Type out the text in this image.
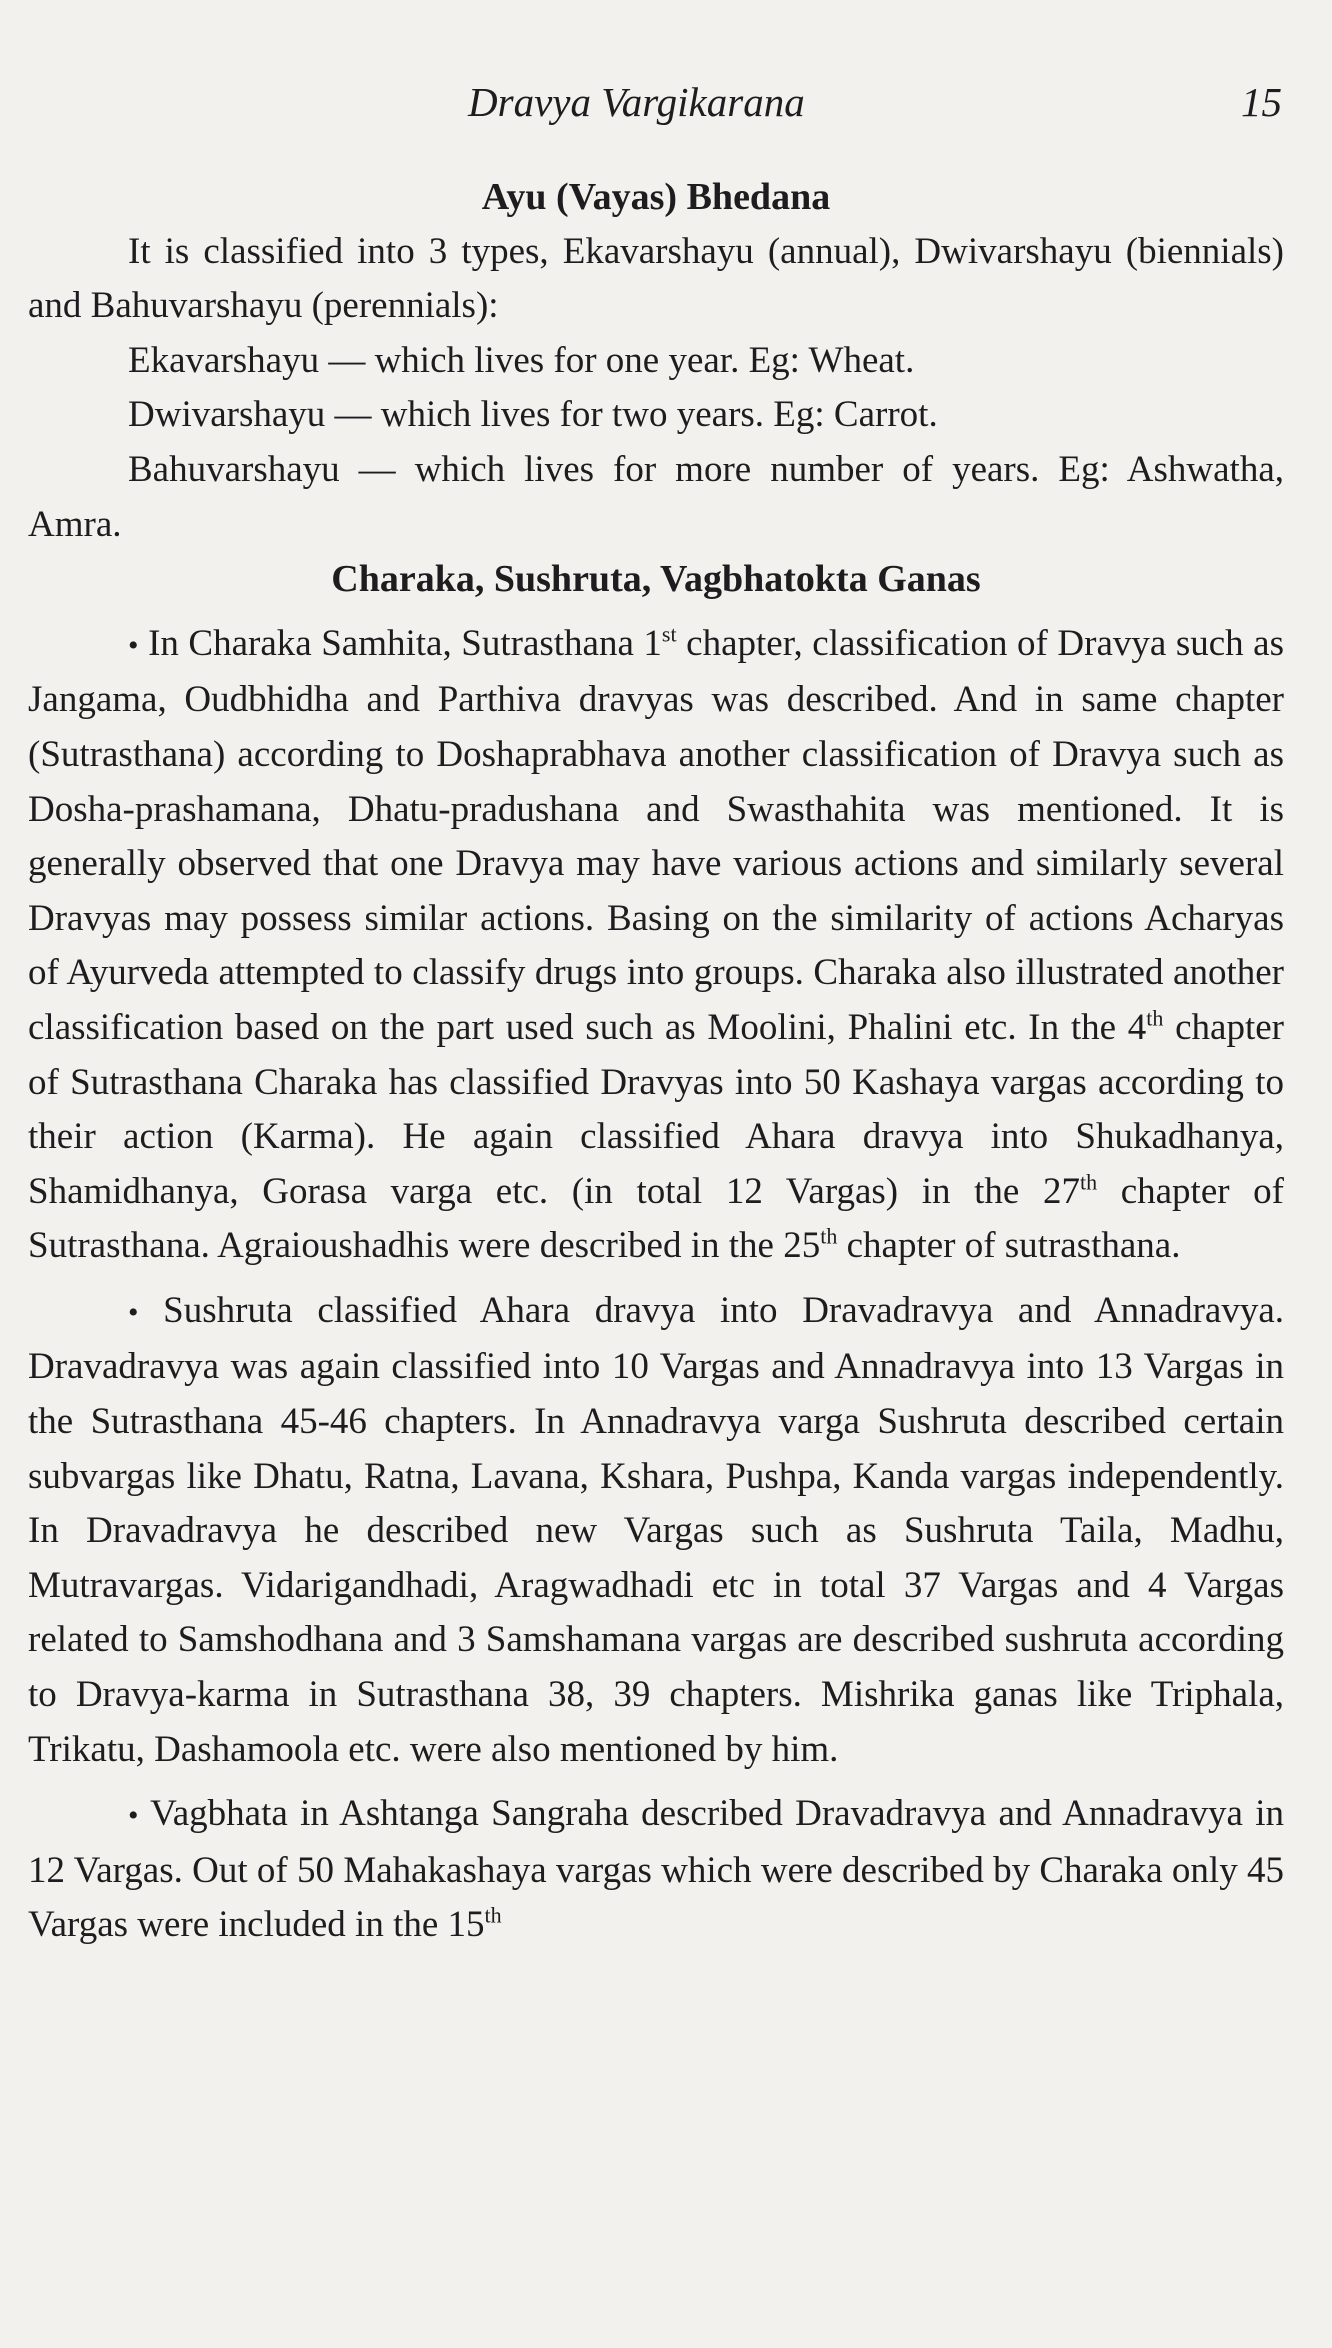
Dravya Vargikarana	15

Ayu (Vayas) Bhedana

It is classified into 3 types, Ekavarshayu (annual), Dwivarshayu (biennials) and Bahuvarshayu (perennials):

Ekavarshayu — which lives for one year. Eg: Wheat.

Dwivarshayu — which lives for two years. Eg: Carrot.

Bahuvarshayu — which lives for more number of years. Eg: Ashwatha, Amra.

Charaka, Sushruta, Vagbhatokta Ganas

• In Charaka Samhita, Sutrasthana 1st chapter, classification of Dravya such as Jangama, Oudbhidha and Parthiva dravyas was described. And in same chapter (Sutrasthana) according to Doshaprabhava another classification of Dravya such as Dosha-prashamana, Dhatu-pradushana and Swasthahita was mentioned. It is generally observed that one Dravya may have various actions and similarly several Dravyas may possess similar actions. Basing on the similarity of actions Acharyas of Ayurveda attempted to classify drugs into groups. Charaka also illustrated another classification based on the part used such as Moolini, Phalini etc. In the 4th chapter of Sutrasthana Charaka has classified Dravyas into 50 Kashaya vargas according to their action (Karma). He again classified Ahara dravya into Shukadhanya, Shamidhanya, Gorasa varga etc. (in total 12 Vargas) in the 27th chapter of Sutrasthana. Agraioushadhis were described in the 25th chapter of sutrasthana.

• Sushruta classified Ahara dravya into Dravadravya and Annadravya. Dravadravya was again classified into 10 Vargas and Annadravya into 13 Vargas in the Sutrasthana 45-46 chapters. In Annadravya varga Sushruta described certain subvargas like Dhatu, Ratna, Lavana, Kshara, Pushpa, Kanda vargas independently. In Dravadravya he described new Vargas such as Sushruta Taila, Madhu, Mutravargas. Vidarigandhadi, Aragwadhadi etc in total 37 Vargas and 4 Vargas related to Samshodhana and 3 Samshamana vargas are described sushruta according to Dravya-karma in Sutrasthana 38, 39 chapters. Mishrika ganas like Triphala, Trikatu, Dashamoola etc. were also mentioned by him.

• Vagbhata in Ashtanga Sangraha described Dravadravya and Annadravya in 12 Vargas. Out of 50 Mahakashaya vargas which were described by Charaka only 45 Vargas were included in the 15th
